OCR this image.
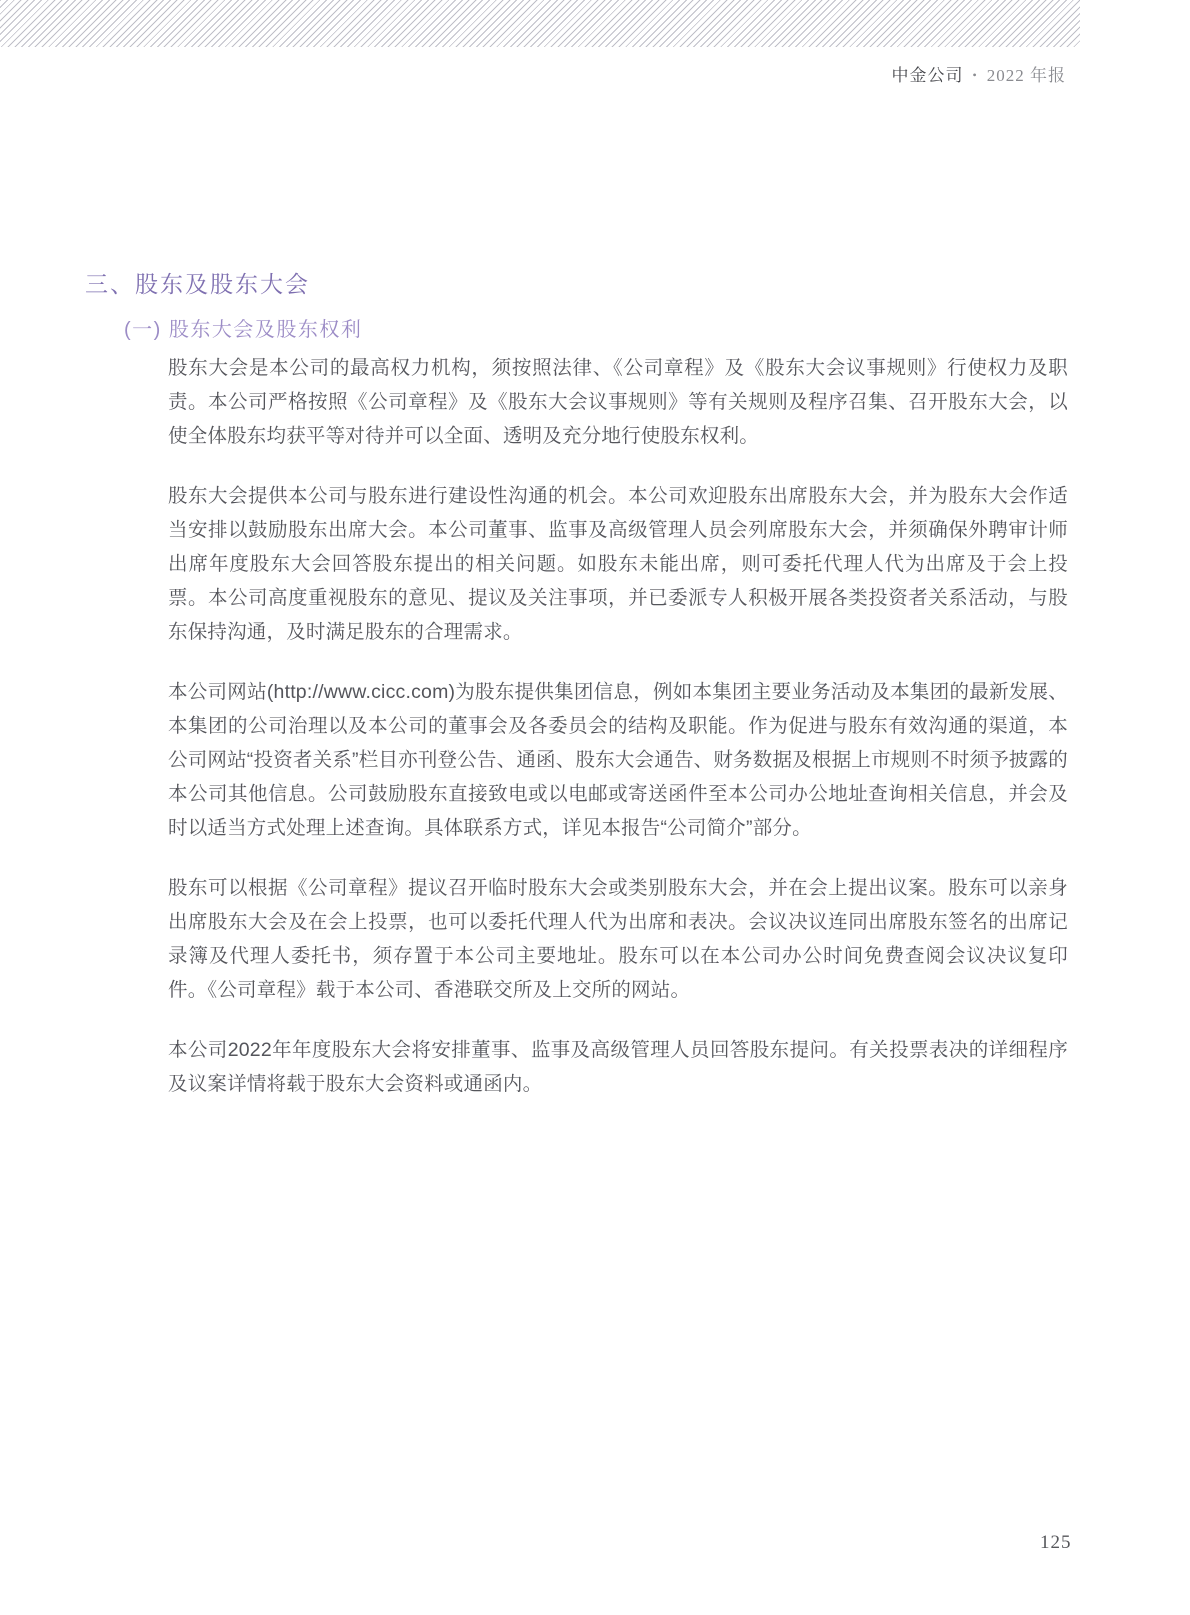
中金公司 • 2022 年报
三、股东及股东大会
(一) 股东大会及股东权利

股东大会是本公司的最高权力机构，须按照法律、《公司章程》及《股东大会议事规则》行使权力及职责。本公司严格按照《公司章程》及《股东大会议事规则》等有关规则及程序召集、召开股东大会，以使全体股东均获平等对待并可以全面、透明及充分地行使股东权利。

股东大会提供本公司与股东进行建设性沟通的机会。本公司欢迎股东出席股东大会，并为股东大会作适当安排以鼓励股东出席大会。本公司董事、监事及高级管理人员会列席股东大会，并须确保外聘审计师出席年度股东大会回答股东提出的相关问题。如股东未能出席，则可委托代理人代为出席及于会上投票。本公司高度重视股东的意见、提议及关注事项，并已委派专人积极开展各类投资者关系活动，与股东保持沟通，及时满足股东的合理需求。

本公司网站(http://www.cicc.com)为股东提供集团信息，例如本集团主要业务活动及本集团的最新发展、本集团的公司治理以及本公司的董事会及各委员会的结构及职能。作为促进与股东有效沟通的渠道，本公司网站“投资者关系”栏目亦刊登公告、通函、股东大会通告、财务数据及根据上市规则不时须予披露的本公司其他信息。公司鼓励股东直接致电或以电邮或寄送函件至本公司办公地址查询相关信息，并会及时以适当方式处理上述查询。具体联系方式，详见本报告“公司简介”部分。

股东可以根据《公司章程》提议召开临时股东大会或类别股东大会，并在会上提出议案。股东可以亲身出席股东大会及在会上投票，也可以委托代理人代为出席和表决。会议决议连同出席股东签名的出席记录簿及代理人委托书，须存置于本公司主要地址。股东可以在本公司办公时间免费查阅会议决议复印件。《公司章程》载于本公司、香港联交所及上交所的网站。

本公司2022年年度股东大会将安排董事、监事及高级管理人员回答股东提问。有关投票表决的详细程序及议案详情将载于股东大会资料或通函内。

125
